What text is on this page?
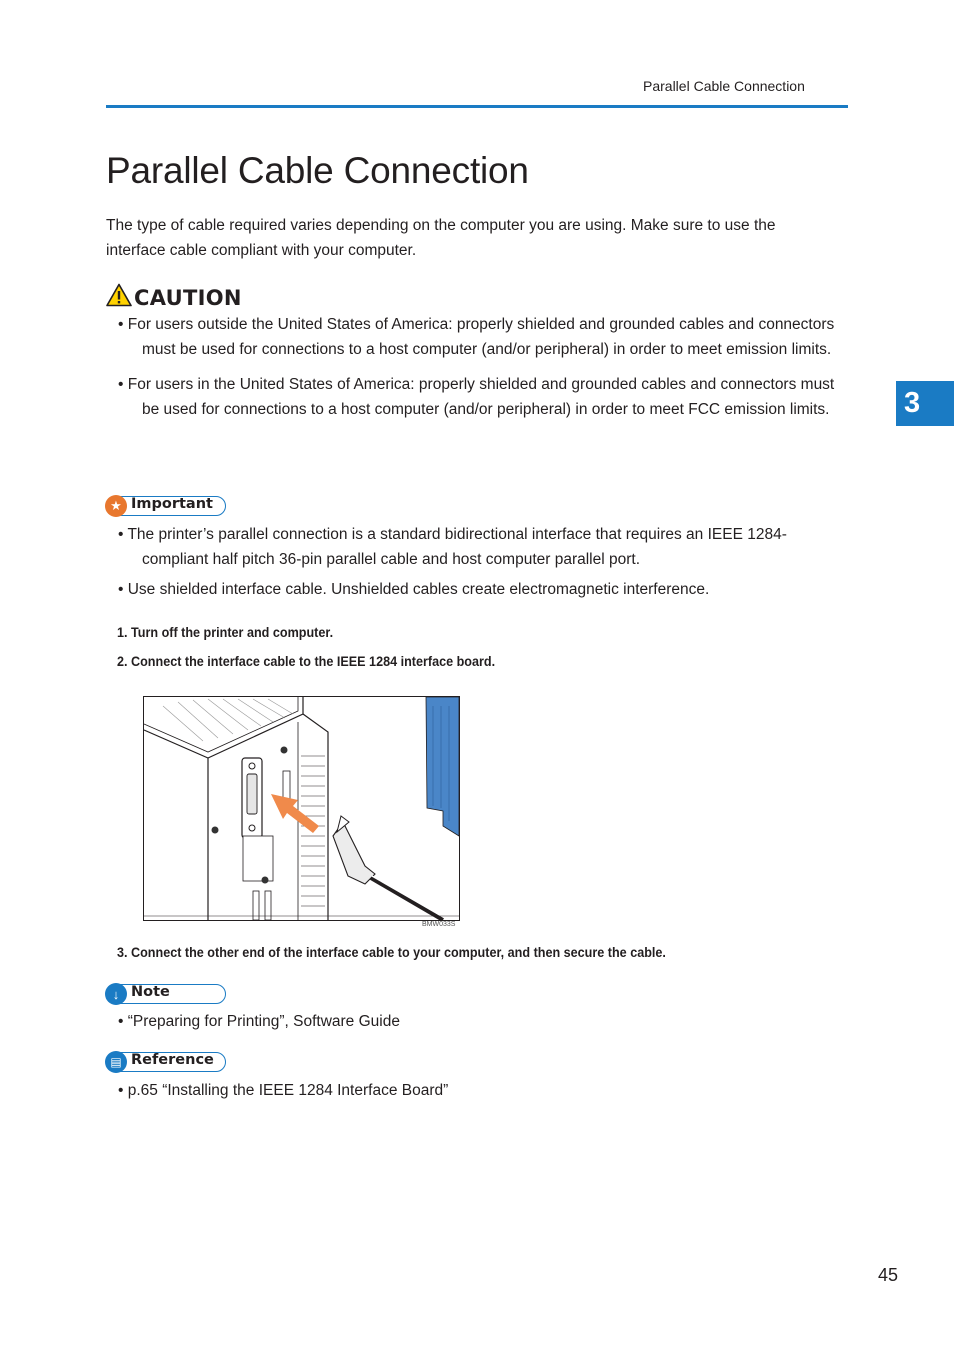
Parallel Cable Connection
Parallel Cable Connection
The type of cable required varies depending on the computer you are using. Make sure to use the interface cable compliant with your computer.
CAUTION
• For users outside the United States of America: properly shielded and grounded cables and connectors must be used for connections to a host computer (and/or peripheral) in order to meet emission limits.
• For users in the United States of America: properly shielded and grounded cables and connectors must be used for connections to a host computer (and/or peripheral) in order to meet FCC emission limits.
★ Important
• The printer’s parallel connection is a standard bidirectional interface that requires an IEEE 1284-compliant half pitch 36-pin parallel cable and host computer parallel port.
• Use shielded interface cable. Unshielded cables create electromagnetic interference.
1. Turn off the printer and computer.
2. Connect the interface cable to the IEEE 1284 interface board.
BMW033S
3. Connect the other end of the interface cable to your computer, and then secure the cable.
↓ Note
• “Preparing for Printing”, Software Guide
▤ Reference
• p.65 “Installing the IEEE 1284 Interface Board”
3
45
